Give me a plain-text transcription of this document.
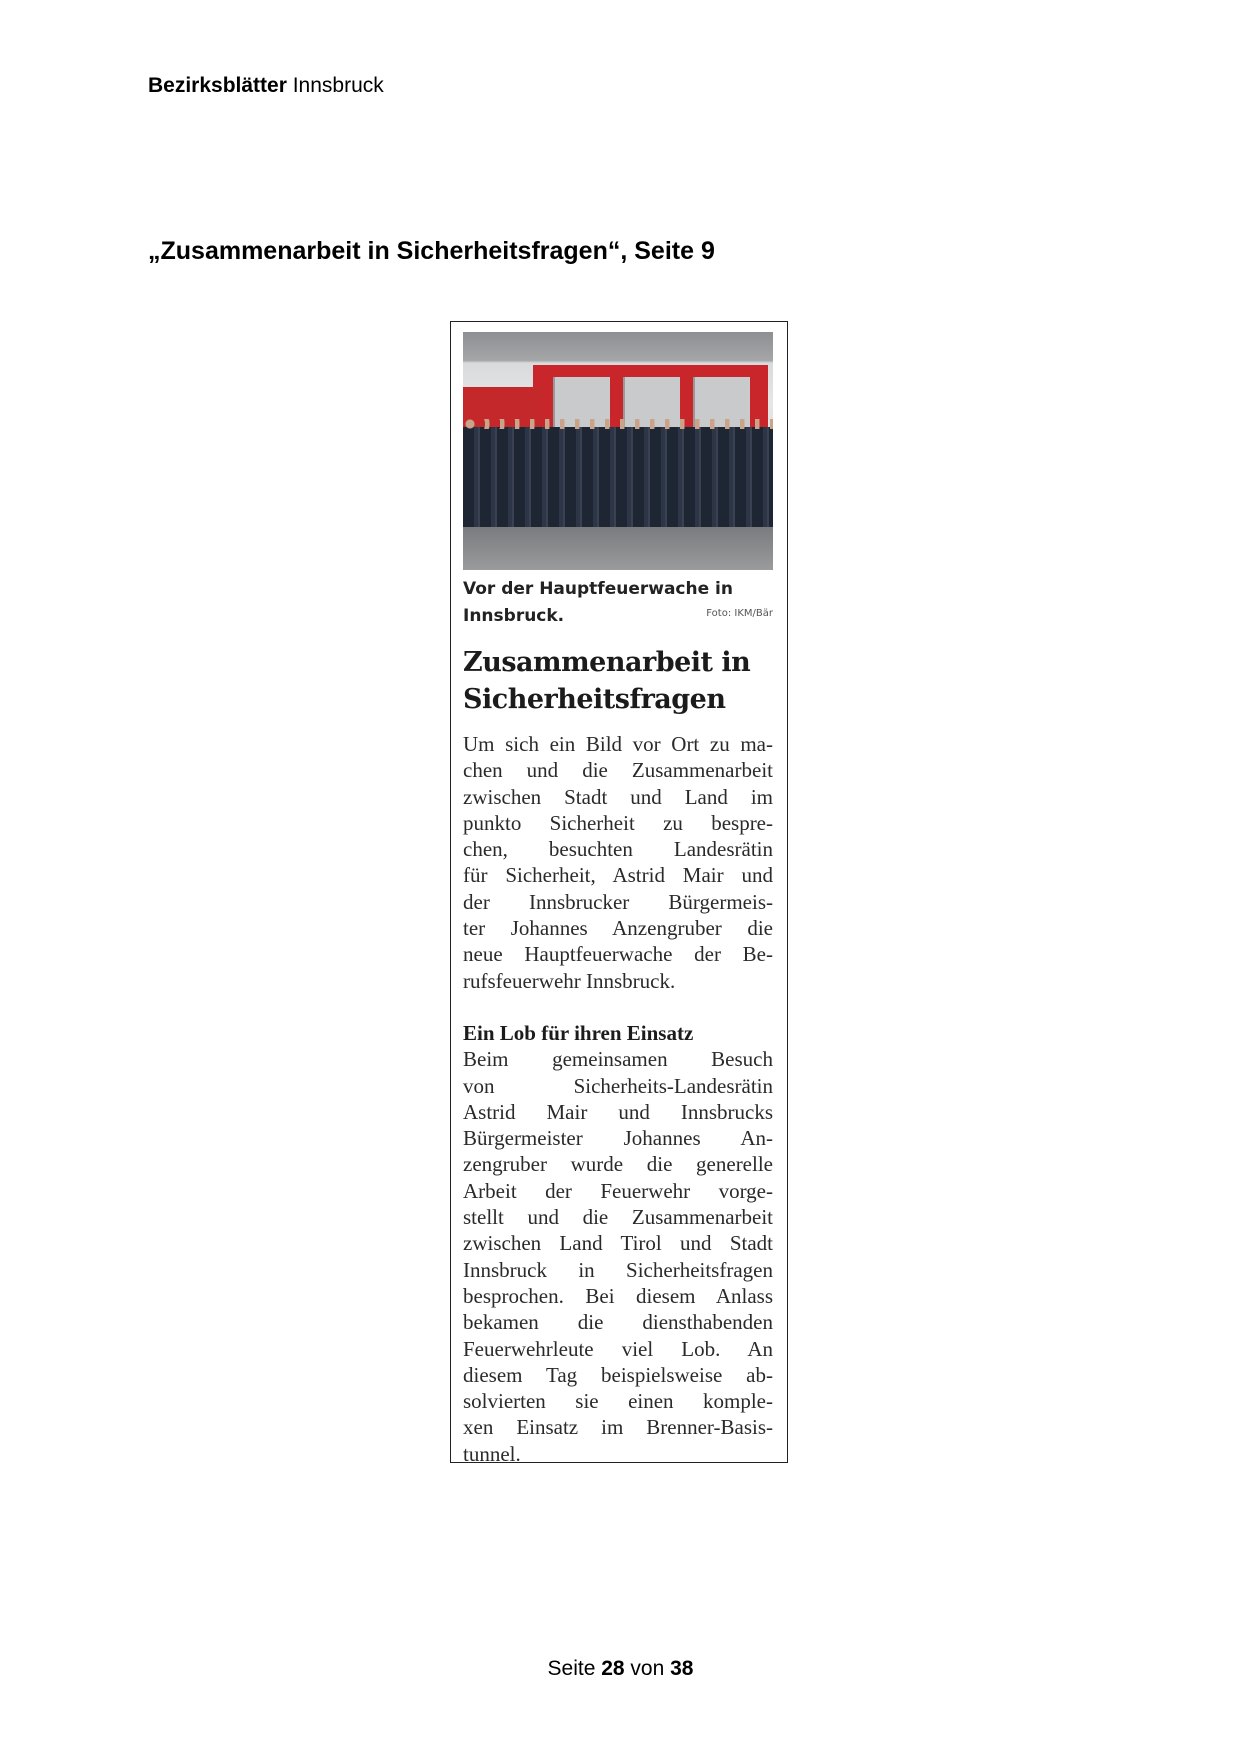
Bezirksblätter Innsbruck
„Zusammenarbeit in Sicherheitsfragen“, Seite 9
Vor der Hauptfeuerwache in Innsbruck.	Foto: IKM/Bär
Zusammenarbeit in
Sicherheitsfragen
Um sich ein Bild vor Ort zu ma-
chen und die Zusammenarbeit
zwischen Stadt und Land im
punkto Sicherheit zu bespre-
chen, besuchten Landesrätin
für Sicherheit, Astrid Mair und
der Innsbrucker Bürgermeis-
ter Johannes Anzengruber die
neue Hauptfeuerwache der Be-
rufsfeuerwehr Innsbruck.
Ein Lob für ihren Einsatz
Beim gemeinsamen Besuch
von Sicherheits-Landesrätin
Astrid Mair und Innsbrucks
Bürgermeister Johannes An-
zengruber wurde die generelle
Arbeit der Feuerwehr vorge-
stellt und die Zusammenarbeit
zwischen Land Tirol und Stadt
Innsbruck in Sicherheitsfragen
besprochen. Bei diesem Anlass
bekamen die diensthabenden
Feuerwehrleute viel Lob. An
diesem Tag beispielsweise ab-
solvierten sie einen komple-
xen Einsatz im Brenner-Basis-
tunnel.
Seite 28 von 38
